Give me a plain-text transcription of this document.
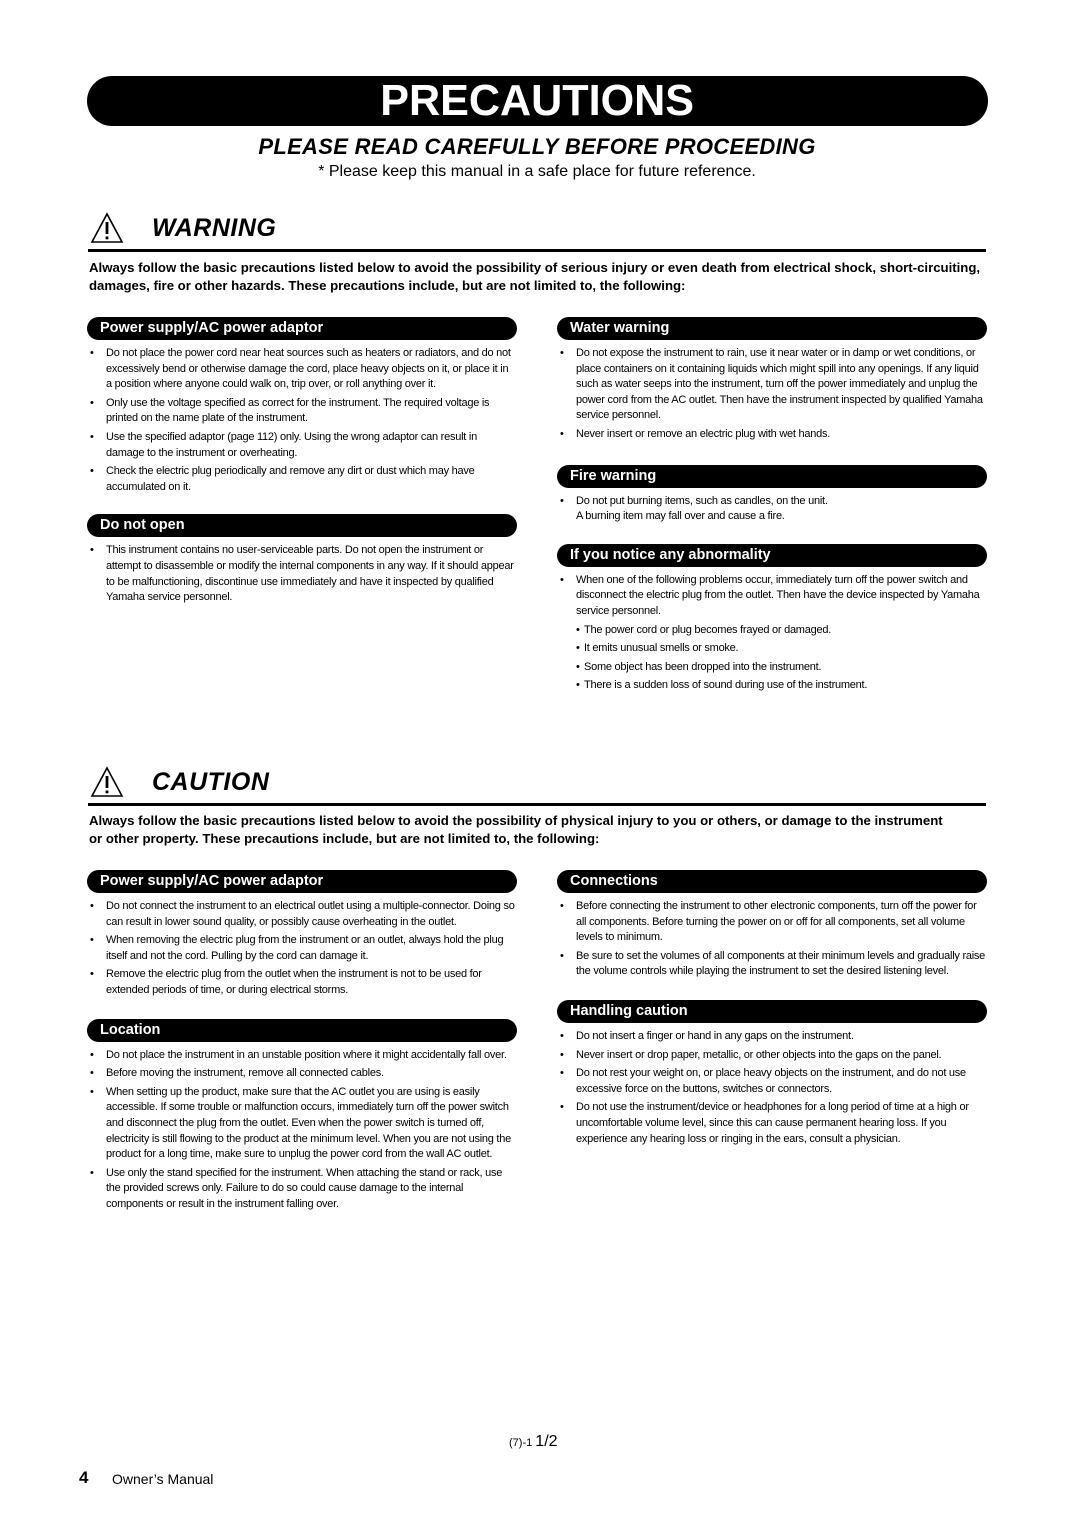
PRECAUTIONS
PLEASE READ CAREFULLY BEFORE PROCEEDING
* Please keep this manual in a safe place for future reference.
WARNING
Always follow the basic precautions listed below to avoid the possibility of serious injury or even death from electrical shock, short-circuiting, damages, fire or other hazards. These precautions include, but are not limited to, the following:
Power supply/AC power adaptor
• Do not place the power cord near heat sources such as heaters or radiators, and do not excessively bend or otherwise damage the cord, place heavy objects on it, or place it in a position where anyone could walk on, trip over, or roll anything over it.
• Only use the voltage specified as correct for the instrument. The required voltage is printed on the name plate of the instrument.
• Use the specified adaptor (page 112) only. Using the wrong adaptor can result in damage to the instrument or overheating.
• Check the electric plug periodically and remove any dirt or dust which may have accumulated on it.
Do not open
• This instrument contains no user-serviceable parts. Do not open the instrument or attempt to disassemble or modify the internal components in any way. If it should appear to be malfunctioning, discontinue use immediately and have it inspected by qualified Yamaha service personnel.
Water warning
• Do not expose the instrument to rain, use it near water or in damp or wet conditions, or place containers on it containing liquids which might spill into any openings. If any liquid such as water seeps into the instrument, turn off the power immediately and unplug the power cord from the AC outlet. Then have the instrument inspected by qualified Yamaha service personnel.
• Never insert or remove an electric plug with wet hands.
Fire warning
• Do not put burning items, such as candles, on the unit.
A burning item may fall over and cause a fire.
If you notice any abnormality
• When one of the following problems occur, immediately turn off the power switch and disconnect the electric plug from the outlet. Then have the device inspected by Yamaha service personnel.
• The power cord or plug becomes frayed or damaged.
• It emits unusual smells or smoke.
• Some object has been dropped into the instrument.
• There is a sudden loss of sound during use of the instrument.
CAUTION
Always follow the basic precautions listed below to avoid the possibility of physical injury to you or others, or damage to the instrument or other property. These precautions include, but are not limited to, the following:
Power supply/AC power adaptor
• Do not connect the instrument to an electrical outlet using a multiple-connector. Doing so can result in lower sound quality, or possibly cause overheating in the outlet.
• When removing the electric plug from the instrument or an outlet, always hold the plug itself and not the cord. Pulling by the cord can damage it.
• Remove the electric plug from the outlet when the instrument is not to be used for extended periods of time, or during electrical storms.
Location
• Do not place the instrument in an unstable position where it might accidentally fall over.
• Before moving the instrument, remove all connected cables.
• When setting up the product, make sure that the AC outlet you are using is easily accessible. If some trouble or malfunction occurs, immediately turn off the power switch and disconnect the plug from the outlet. Even when the power switch is turned off, electricity is still flowing to the product at the minimum level. When you are not using the product for a long time, make sure to unplug the power cord from the wall AC outlet.
• Use only the stand specified for the instrument. When attaching the stand or rack, use the provided screws only. Failure to do so could cause damage to the internal components or result in the instrument falling over.
Connections
• Before connecting the instrument to other electronic components, turn off the power for all components. Before turning the power on or off for all components, set all volume levels to minimum.
• Be sure to set the volumes of all components at their minimum levels and gradually raise the volume controls while playing the instrument to set the desired listening level.
Handling caution
• Do not insert a finger or hand in any gaps on the instrument.
• Never insert or drop paper, metallic, or other objects into the gaps on the panel.
• Do not rest your weight on, or place heavy objects on the instrument, and do not use excessive force on the buttons, switches or connectors.
• Do not use the instrument/device or headphones for a long period of time at a high or uncomfortable volume level, since this can cause permanent hearing loss. If you experience any hearing loss or ringing in the ears, consult a physician.
(7)-1 1/2
4 Owner’s Manual
